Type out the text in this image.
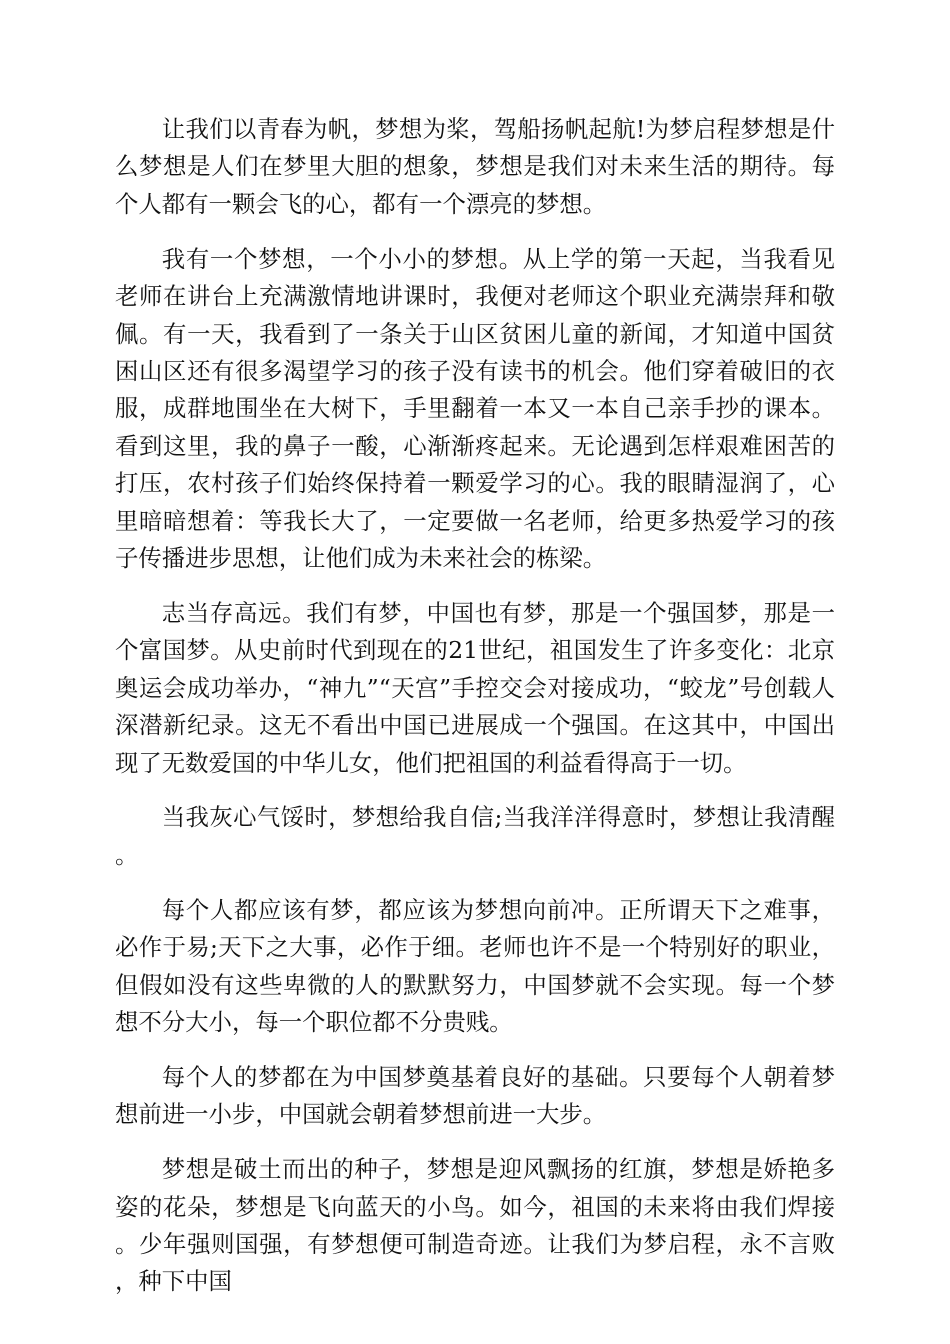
让我们以青春为帆，梦想为桨，驾船扬帆起航!为梦启程梦想是什么梦想是人们在梦里大胆的想象，梦想是我们对未来生活的期待。每个人都有一颗会飞的心，都有一个漂亮的梦想。

我有一个梦想，一个小小的梦想。从上学的第一天起，当我看见老师在讲台上充满激情地讲课时，我便对老师这个职业充满崇拜和敬佩。有一天，我看到了一条关于山区贫困儿童的新闻，才知道中国贫困山区还有很多渴望学习的孩子没有读书的机会。他们穿着破旧的衣服，成群地围坐在大树下，手里翻着一本又一本自己亲手抄的课本。看到这里，我的鼻子一酸，心渐渐疼起来。无论遇到怎样艰难困苦的打压，农村孩子们始终保持着一颗爱学习的心。我的眼睛湿润了，心里暗暗想着：等我长大了，一定要做一名老师，给更多热爱学习的孩子传播进步思想，让他们成为未来社会的栋梁。

志当存高远。我们有梦，中国也有梦，那是一个强国梦，那是一个富国梦。从史前时代到现在的21世纪，祖国发生了许多变化：北京奥运会成功举办，“神九”“天宫”手控交会对接成功，“蛟龙”号创载人深潜新纪录。这无不看出中国已进展成一个强国。在这其中，中国出现了无数爱国的中华儿女，他们把祖国的利益看得高于一切。

当我灰心气馁时，梦想给我自信;当我洋洋得意时，梦想让我清醒。

每个人都应该有梦，都应该为梦想向前冲。正所谓天下之难事，必作于易;天下之大事，必作于细。老师也许不是一个特别好的职业，但假如没有这些卑微的人的默默努力，中国梦就不会实现。每一个梦想不分大小，每一个职位都不分贵贱。

每个人的梦都在为中国梦奠基着良好的基础。只要每个人朝着梦想前进一小步，中国就会朝着梦想前进一大步。

梦想是破土而出的种子，梦想是迎风飘扬的红旗，梦想是娇艳多姿的花朵，梦想是飞向蓝天的小鸟。如今，祖国的未来将由我们焊接。少年强则国强，有梦想便可制造奇迹。让我们为梦启程，永不言败，种下中国
